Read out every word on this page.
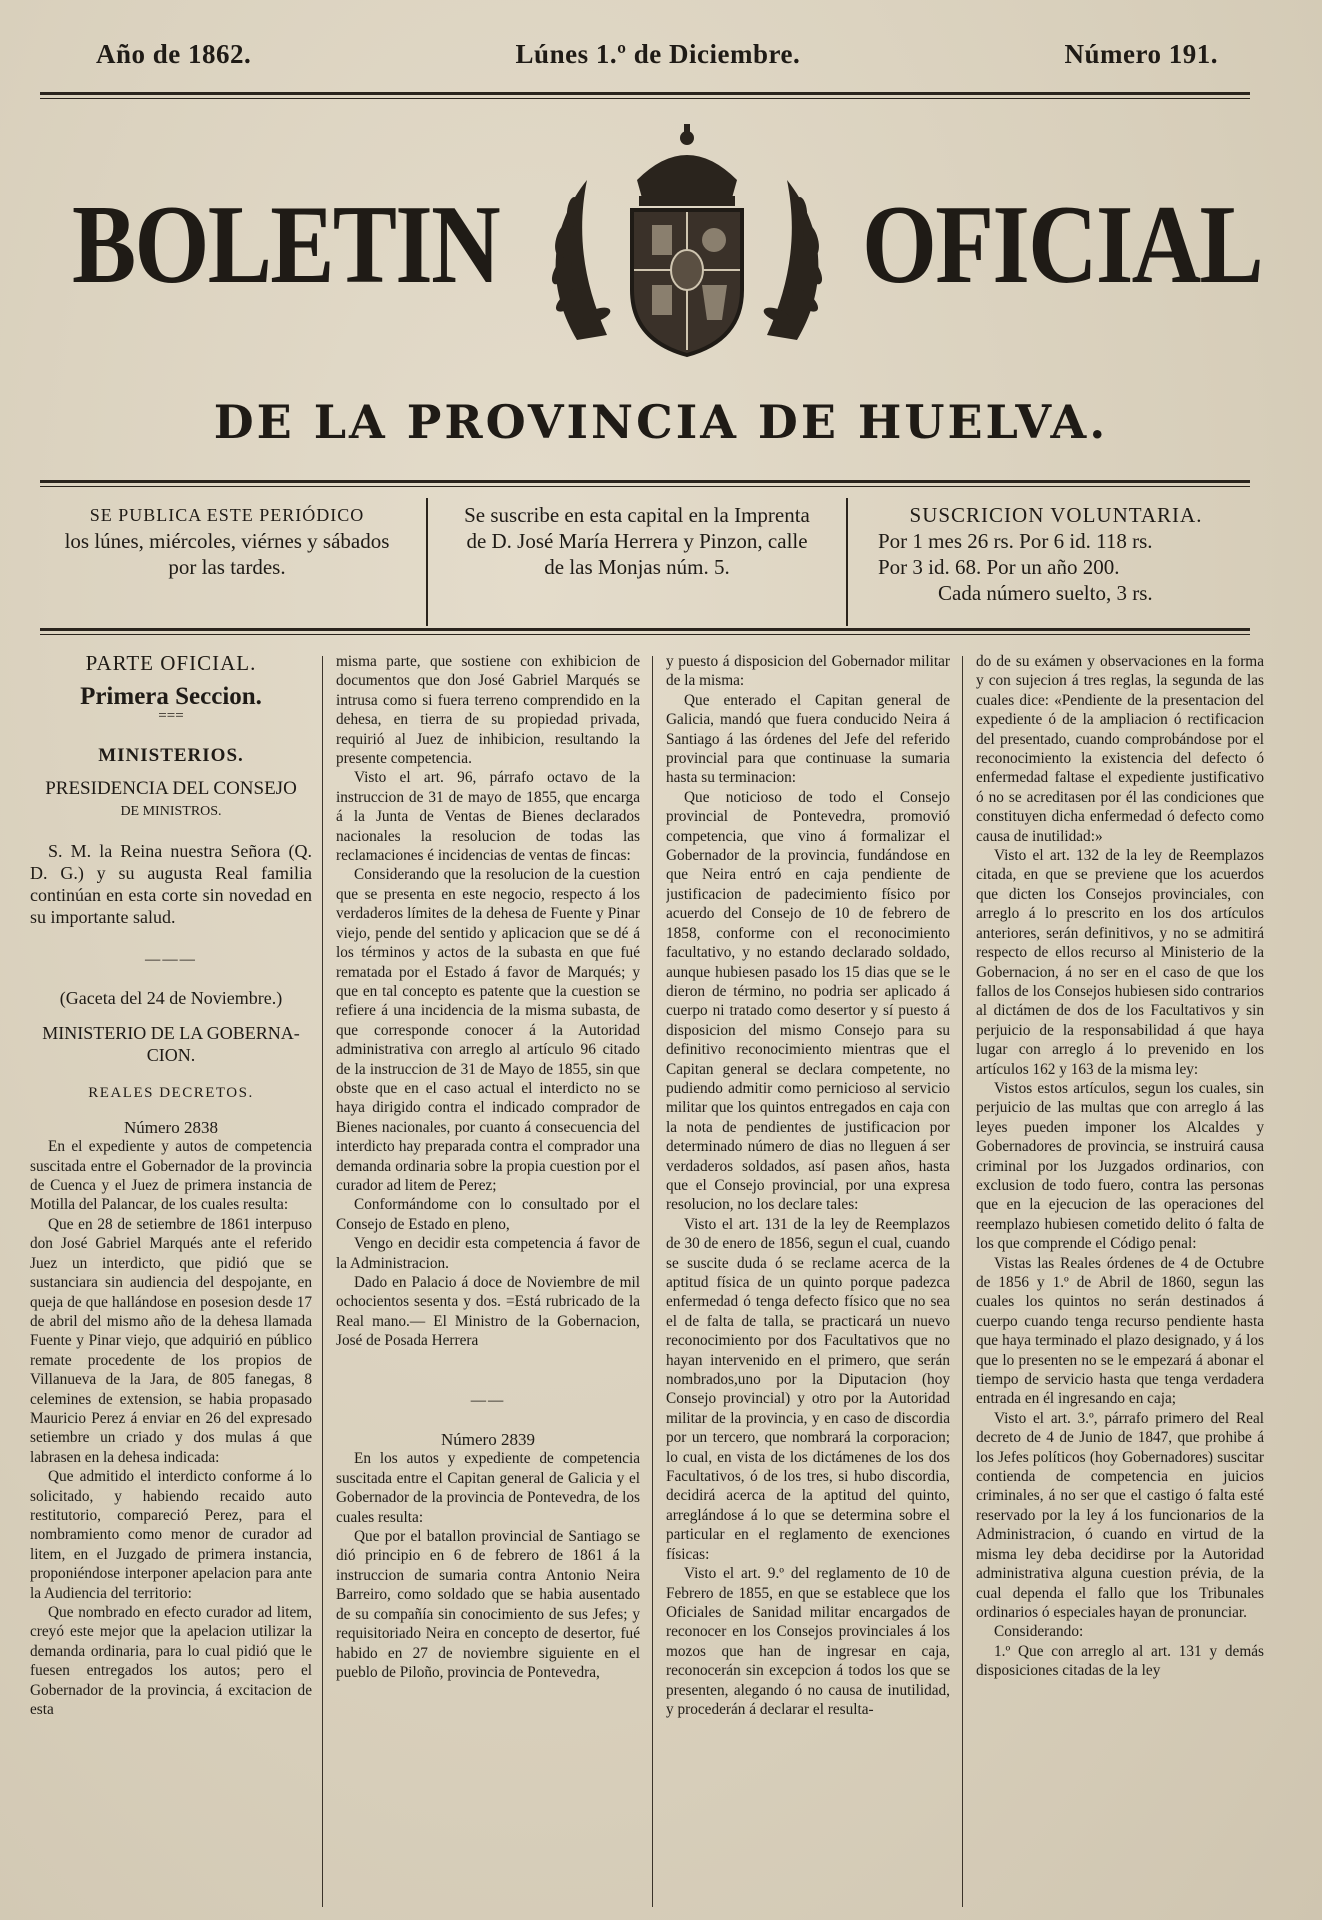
Año de 1862.	Lúnes 1.º de Diciembre.	Número 191.
BOLETIN	OFICIAL
DE LA PROVINCIA DE HUELVA.
SE PUBLICA ESTE PERIÓDICO
los lúnes, miércoles, viérnes y sábados
por las tardes.
Se suscribe en esta capital en la Imprenta
de D. José María Herrera y Pinzon, calle
de las Monjas núm. 5.
SUSCRICION VOLUNTARIA.
Por 1 mes 26 rs. Por 6 id. 118 rs.
Por 3 id. 68. Por un año 200.
Cada número suelto, 3 rs.

PARTE OFICIAL.

Primera Seccion.

===

MINISTERIOS.

PRESIDENCIA DEL CONSEJO
DE MINISTROS.

S. M. la Reina nuestra Señora (Q. D. G.) y su augusta Real familia continúan en esta corte sin novedad en su importante salud.

———

(Gaceta del 24 de Noviembre.)

MINISTERIO DE LA GOBERNA-CION.

REALES DECRETOS.

Número 2838

En el expediente y autos de competencia suscitada entre el Gobernador de la provincia de Cuenca y el Juez de primera instancia de Motilla del Palancar, de los cuales resulta:

Que en 28 de setiembre de 1861 interpuso don José Gabriel Marqués ante el referido Juez un interdicto, que pidió que se sustanciara sin audiencia del despojante, en queja de que hallándose en posesion desde 17 de abril del mismo año de la dehesa llamada Fuente y Pinar viejo, que adquirió en público remate procedente de los propios de Villanueva de la Jara, de 805 fanegas, 8 celemines de extension, se habia propasado Mauricio Perez á enviar en 26 del expresado setiembre un criado y dos mulas á que labrasen en la dehesa indicada:

Que admitido el interdicto conforme á lo solicitado, y habiendo recaido auto restitutorio, compareció Perez, para el nombramiento como menor de curador ad litem, en el Juzgado de primera instancia, proponiéndose interponer apelacion para ante la Audiencia del territorio:

Que nombrado en efecto curador ad litem, creyó este mejor que la apelacion utilizar la demanda ordinaria, para lo cual pidió que le fuesen entregados los autos; pero el Gobernador de la provincia, á excitacion de esta

misma parte, que sostiene con exhibicion de documentos que don José Gabriel Marqués se intrusa como si fuera terreno comprendido en la dehesa, en tierra de su propiedad privada, requirió al Juez de inhibicion, resultando la presente competencia.

Visto el art. 96, párrafo octavo de la instruccion de 31 de mayo de 1855, que encarga á la Junta de Ventas de Bienes declarados nacionales la resolucion de todas las reclamaciones é incidencias de ventas de fincas:

Considerando que la resolucion de la cuestion que se presenta en este negocio, respecto á los verdaderos límites de la dehesa de Fuente y Pinar viejo, pende del sentido y aplicacion que se dé á los términos y actos de la subasta en que fué rematada por el Estado á favor de Marqués; y que en tal concepto es patente que la cuestion se refiere á una incidencia de la misma subasta, de que corresponde conocer á la Autoridad administrativa con arreglo al artículo 96 citado de la instruccion de 31 de Mayo de 1855, sin que obste que en el caso actual el interdicto no se haya dirigido contra el indicado comprador de Bienes nacionales, por cuanto á consecuencia del interdicto hay preparada contra el comprador una demanda ordinaria sobre la propia cuestion por el curador ad litem de Perez;

Conformándome con lo consultado por el Consejo de Estado en pleno,

Vengo en decidir esta competencia á favor de la Administracion.

Dado en Palacio á doce de Noviembre de mil ochocientos sesenta y dos. =Está rubricado de la Real mano.— El Ministro de la Gobernacion, José de Posada Herrera

——

Número 2839

En los autos y expediente de competencia suscitada entre el Capitan general de Galicia y el Gobernador de la provincia de Pontevedra, de los cuales resulta:

Que por el batallon provincial de Santiago se dió principio en 6 de febrero de 1861 á la instruccion de sumaria contra Antonio Neira Barreiro, como soldado que se habia ausentado de su compañía sin conocimiento de sus Jefes; y requisitoriado Neira en concepto de desertor, fué habido en 27 de noviembre siguiente en el pueblo de Piloño, provincia de Pontevedra,

y puesto á disposicion del Gobernador militar de la misma:

Que enterado el Capitan general de Galicia, mandó que fuera conducido Neira á Santiago á las órdenes del Jefe del referido provincial para que continuase la sumaria hasta su terminacion:

Que noticioso de todo el Consejo provincial de Pontevedra, promovió competencia, que vino á formalizar el Gobernador de la provincia, fundándose en que Neira entró en caja pendiente de justificacion de padecimiento físico por acuerdo del Consejo de 10 de febrero de 1858, conforme con el reconocimiento facultativo, y no estando declarado soldado, aunque hubiesen pasado los 15 dias que se le dieron de término, no podria ser aplicado á cuerpo ni tratado como desertor y sí puesto á disposicion del mismo Consejo para su definitivo reconocimiento mientras que el Capitan general se declara competente, no pudiendo admitir como pernicioso al servicio militar que los quintos entregados en caja con la nota de pendientes de justificacion por determinado número de dias no lleguen á ser verdaderos soldados, así pasen años, hasta que el Consejo provincial, por una expresa resolucion, no los declare tales:

Visto el art. 131 de la ley de Reemplazos de 30 de enero de 1856, segun el cual, cuando se suscite duda ó se reclame acerca de la aptitud física de un quinto porque padezca enfermedad ó tenga defecto físico que no sea el de falta de talla, se practicará un nuevo reconocimiento por dos Facultativos que no hayan intervenido en el primero, que serán nombrados,uno por la Diputacion (hoy Consejo provincial) y otro por la Autoridad militar de la provincia, y en caso de discordia por un tercero, que nombrará la corporacion; lo cual, en vista de los dictámenes de los dos Facultativos, ó de los tres, si hubo discordia, decidirá acerca de la aptitud del quinto, arreglándose á lo que se determina sobre el particular en el reglamento de exenciones físicas:

Visto el art. 9.º del reglamento de 10 de Febrero de 1855, en que se establece que los Oficiales de Sanidad militar encargados de reconocer en los Consejos provinciales á los mozos que han de ingresar en caja, reconocerán sin excepcion á todos los que se presenten, alegando ó no causa de inutilidad, y procederán á declarar el resulta-

do de su exámen y observaciones en la forma y con sujecion á tres reglas, la segunda de las cuales dice: «Pendiente de la presentacion del expediente ó de la ampliacion ó rectificacion del presentado, cuando comprobándose por el reconocimiento la existencia del defecto ó enfermedad faltase el expediente justificativo ó no se acreditasen por él las condiciones que constituyen dicha enfermedad ó defecto como causa de inutilidad:»

Visto el art. 132 de la ley de Reemplazos citada, en que se previene que los acuerdos que dicten los Consejos provinciales, con arreglo á lo prescrito en los dos artículos anteriores, serán definitivos, y no se admitirá respecto de ellos recurso al Ministerio de la Gobernacion, á no ser en el caso de que los fallos de los Consejos hubiesen sido contrarios al dictámen de dos de los Facultativos y sin perjuicio de la responsabilidad á que haya lugar con arreglo á lo prevenido en los artículos 162 y 163 de la misma ley:

Vistos estos artículos, segun los cuales, sin perjuicio de las multas que con arreglo á las leyes pueden imponer los Alcaldes y Gobernadores de provincia, se instruirá causa criminal por los Juzgados ordinarios, con exclusion de todo fuero, contra las personas que en la ejecucion de las operaciones del reemplazo hubiesen cometido delito ó falta de los que comprende el Código penal:

Vistas las Reales órdenes de 4 de Octubre de 1856 y 1.º de Abril de 1860, segun las cuales los quintos no serán destinados á cuerpo cuando tenga recurso pendiente hasta que haya terminado el plazo designado, y á los que lo presenten no se le empezará á abonar el tiempo de servicio hasta que tenga verdadera entrada en él ingresando en caja;

Visto el art. 3.º, párrafo primero del Real decreto de 4 de Junio de 1847, que prohibe á los Jefes políticos (hoy Gobernadores) suscitar contienda de competencia en juicios criminales, á no ser que el castigo ó falta esté reservado por la ley á los funcionarios de la Administracion, ó cuando en virtud de la misma ley deba decidirse por la Autoridad administrativa alguna cuestion prévia, de la cual dependa el fallo que los Tribunales ordinarios ó especiales hayan de pronunciar.

Considerando:

1.º Que con arreglo al art. 131 y demás disposiciones citadas de la ley
